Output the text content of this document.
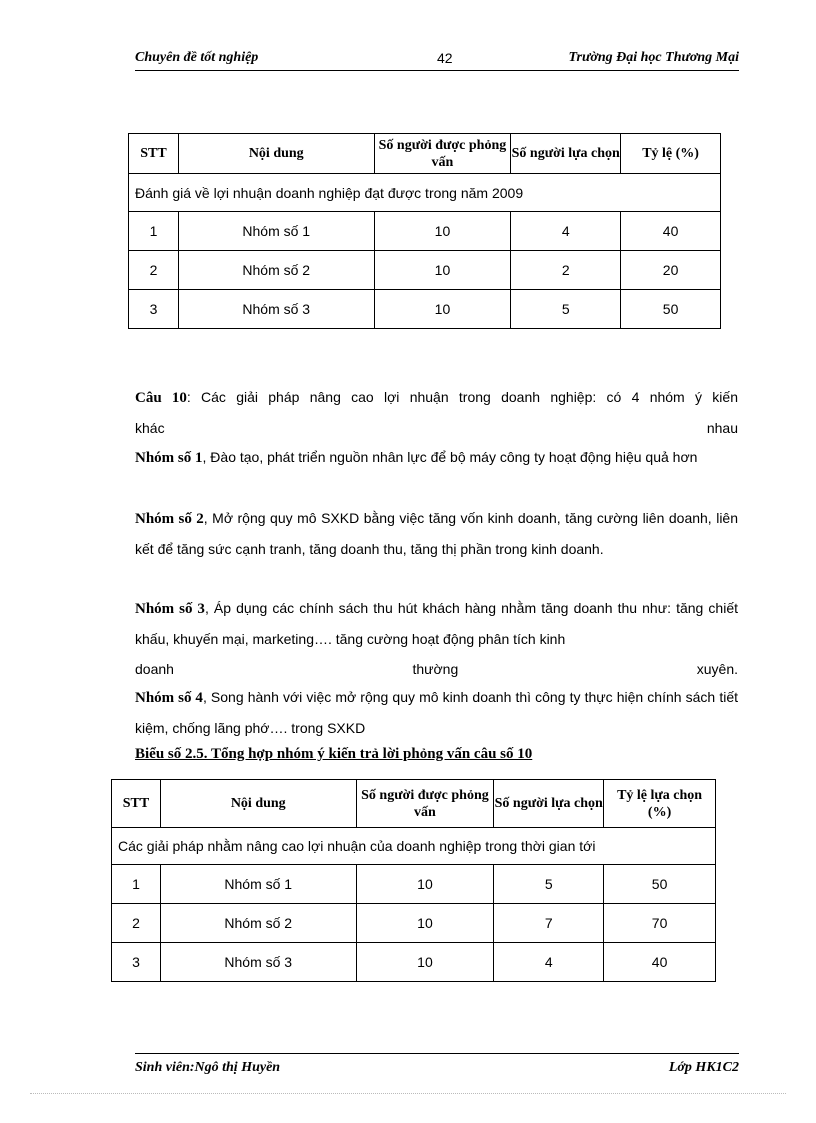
Chuyên đề tốt nghiệp	42	Trường Đại học Thương Mại
STT	Nội dung	Số người được phỏng vấn	Số người lựa chọn	Tỷ lệ (%)
Đánh giá về lợi nhuận doanh nghiệp đạt được trong năm 2009				
1	Nhóm số 1	10	4	40
2	Nhóm số 2	10	2	20
3	Nhóm số 3	10	5	50
Câu 10: Các giải pháp nâng cao lợi nhuận trong doanh nghiệp: có 4 nhóm ý kiến
khác nhau
Nhóm số 1, Đào tạo, phát triển nguồn nhân lực để bộ máy công ty hoạt động hiệu quả hơn
Nhóm số 2, Mở rộng quy mô SXKD bằng việc tăng vốn kinh doanh, tăng cường liên doanh, liên kết để tăng sức cạnh tranh, tăng doanh thu, tăng thị phần trong kinh doanh.
Nhóm số 3, Áp dụng các chính sách thu hút khách hàng nhằm tăng doanh thu như: tăng chiết khấu, khuyến mại, marketing…. tăng cường hoạt động phân tích kinh
doanh thường xuyên.
Nhóm số 4, Song hành với việc mở rộng quy mô kinh doanh thì công ty thực hiện chính sách tiết kiệm, chống lãng phớ…. trong SXKD
Biểu số 2.5. Tổng hợp nhóm ý kiến trả lời phỏng vấn câu số 10
STT	Nội dung	Số người được phỏng vấn	Số người lựa chọn	Tỷ lệ lựa chọn (%)
Các giải pháp nhằm nâng cao lợi nhuận của doanh nghiệp trong thời gian tới				
1	Nhóm số 1	10	5	50
2	Nhóm số 2	10	7	70
3	Nhóm số 3	10	4	40
Sinh viên:Ngô thị Huyền	Lớp HK1C2
